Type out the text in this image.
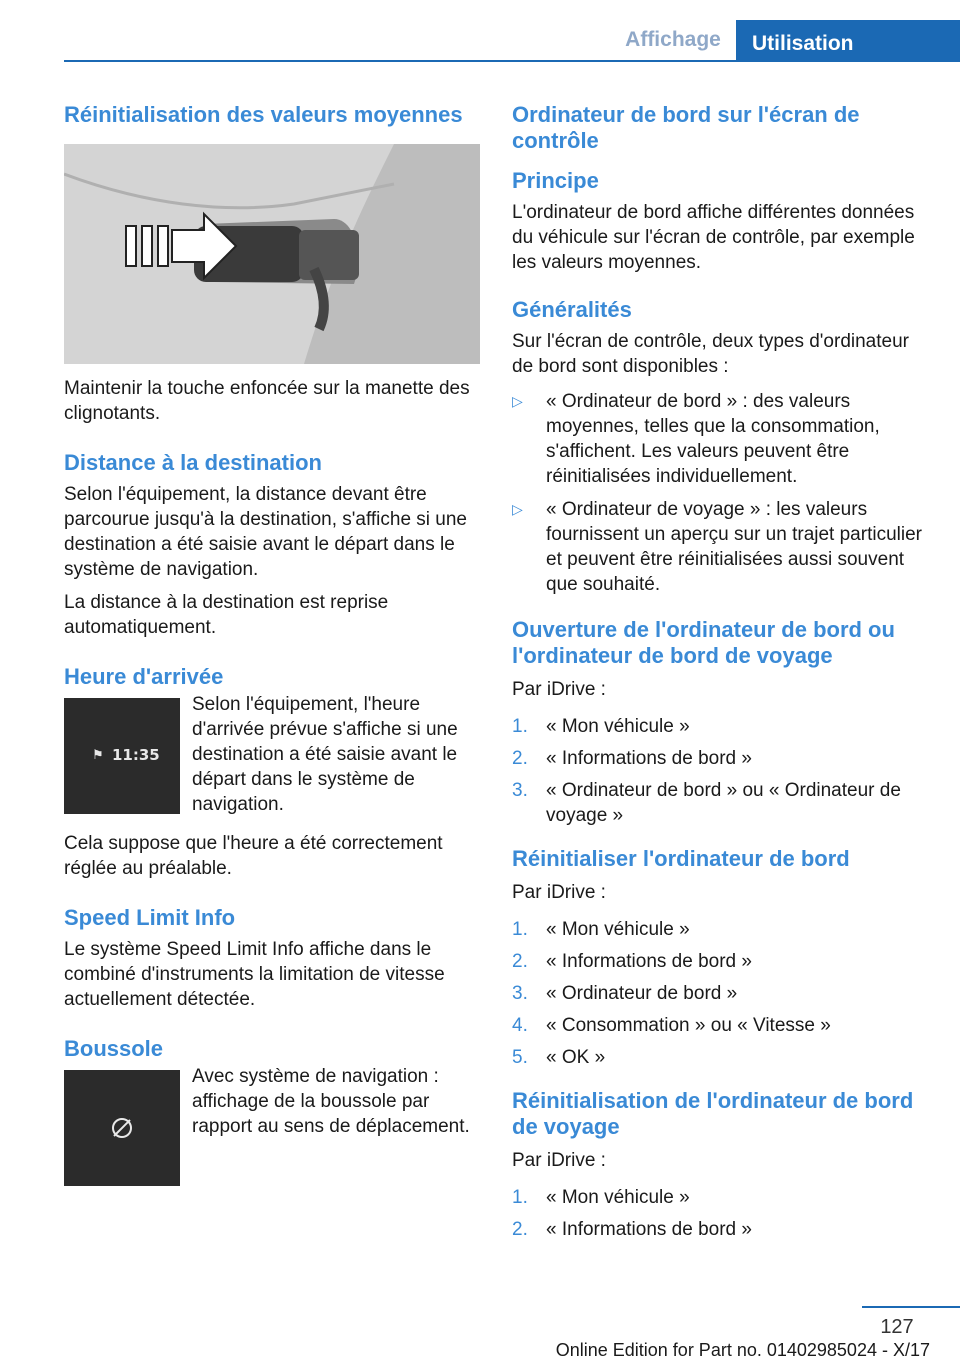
Affichage	Utilisation
Réinitialisation des valeurs moyennes

Maintenir la touche enfoncée sur la manette des clignotants.

Distance à la destination

Selon l'équipement, la distance devant être parcourue jusqu'à la destination, s'affiche si une destination a été saisie avant le départ dans le système de navigation.

La distance à la destination est reprise automatiquement.

Heure d'arrivée
⚑ 11:35

Selon l'équipement, l'heure d'arrivée prévue s'affiche si une destination a été saisie avant le départ dans le système de navigation.

Cela suppose que l'heure a été correctement réglée au préalable.

Speed Limit Info

Le système Speed Limit Info affiche dans le combiné d'instruments la limitation de vitesse actuellement détectée.

Boussole

Avec système de navigation : affichage de la boussole par rapport au sens de déplacement.

Ordinateur de bord sur l'écran de contrôle
Principe

L'ordinateur de bord affiche différentes données du véhicule sur l'écran de contrôle, par exemple les valeurs moyennes.

Généralités

Sur l'écran de contrôle, deux types d'ordinateur de bord sont disponibles :

▷ « Ordinateur de bord » : des valeurs moyennes, telles que la consommation, s'affichent. Les valeurs peuvent être réinitialisées individuellement.
▷ « Ordinateur de voyage » : les valeurs fournissent un aperçu sur un trajet particulier et peuvent être réinitialisées aussi souvent que souhaité.
Ouverture de l'ordinateur de bord ou l'ordinateur de bord de voyage

Par iDrive :

1. « Mon véhicule »
2. « Informations de bord »
3. « Ordinateur de bord » ou « Ordinateur de voyage »
Réinitialiser l'ordinateur de bord

Par iDrive :

1. « Mon véhicule »
2. « Informations de bord »
3. « Ordinateur de bord »
4. « Consommation » ou « Vitesse »
5. « OK »
Réinitialisation de l'ordinateur de bord de voyage

Par iDrive :

1. « Mon véhicule »
2. « Informations de bord »
127
Online Edition for Part no. 01402985024 - X/17
